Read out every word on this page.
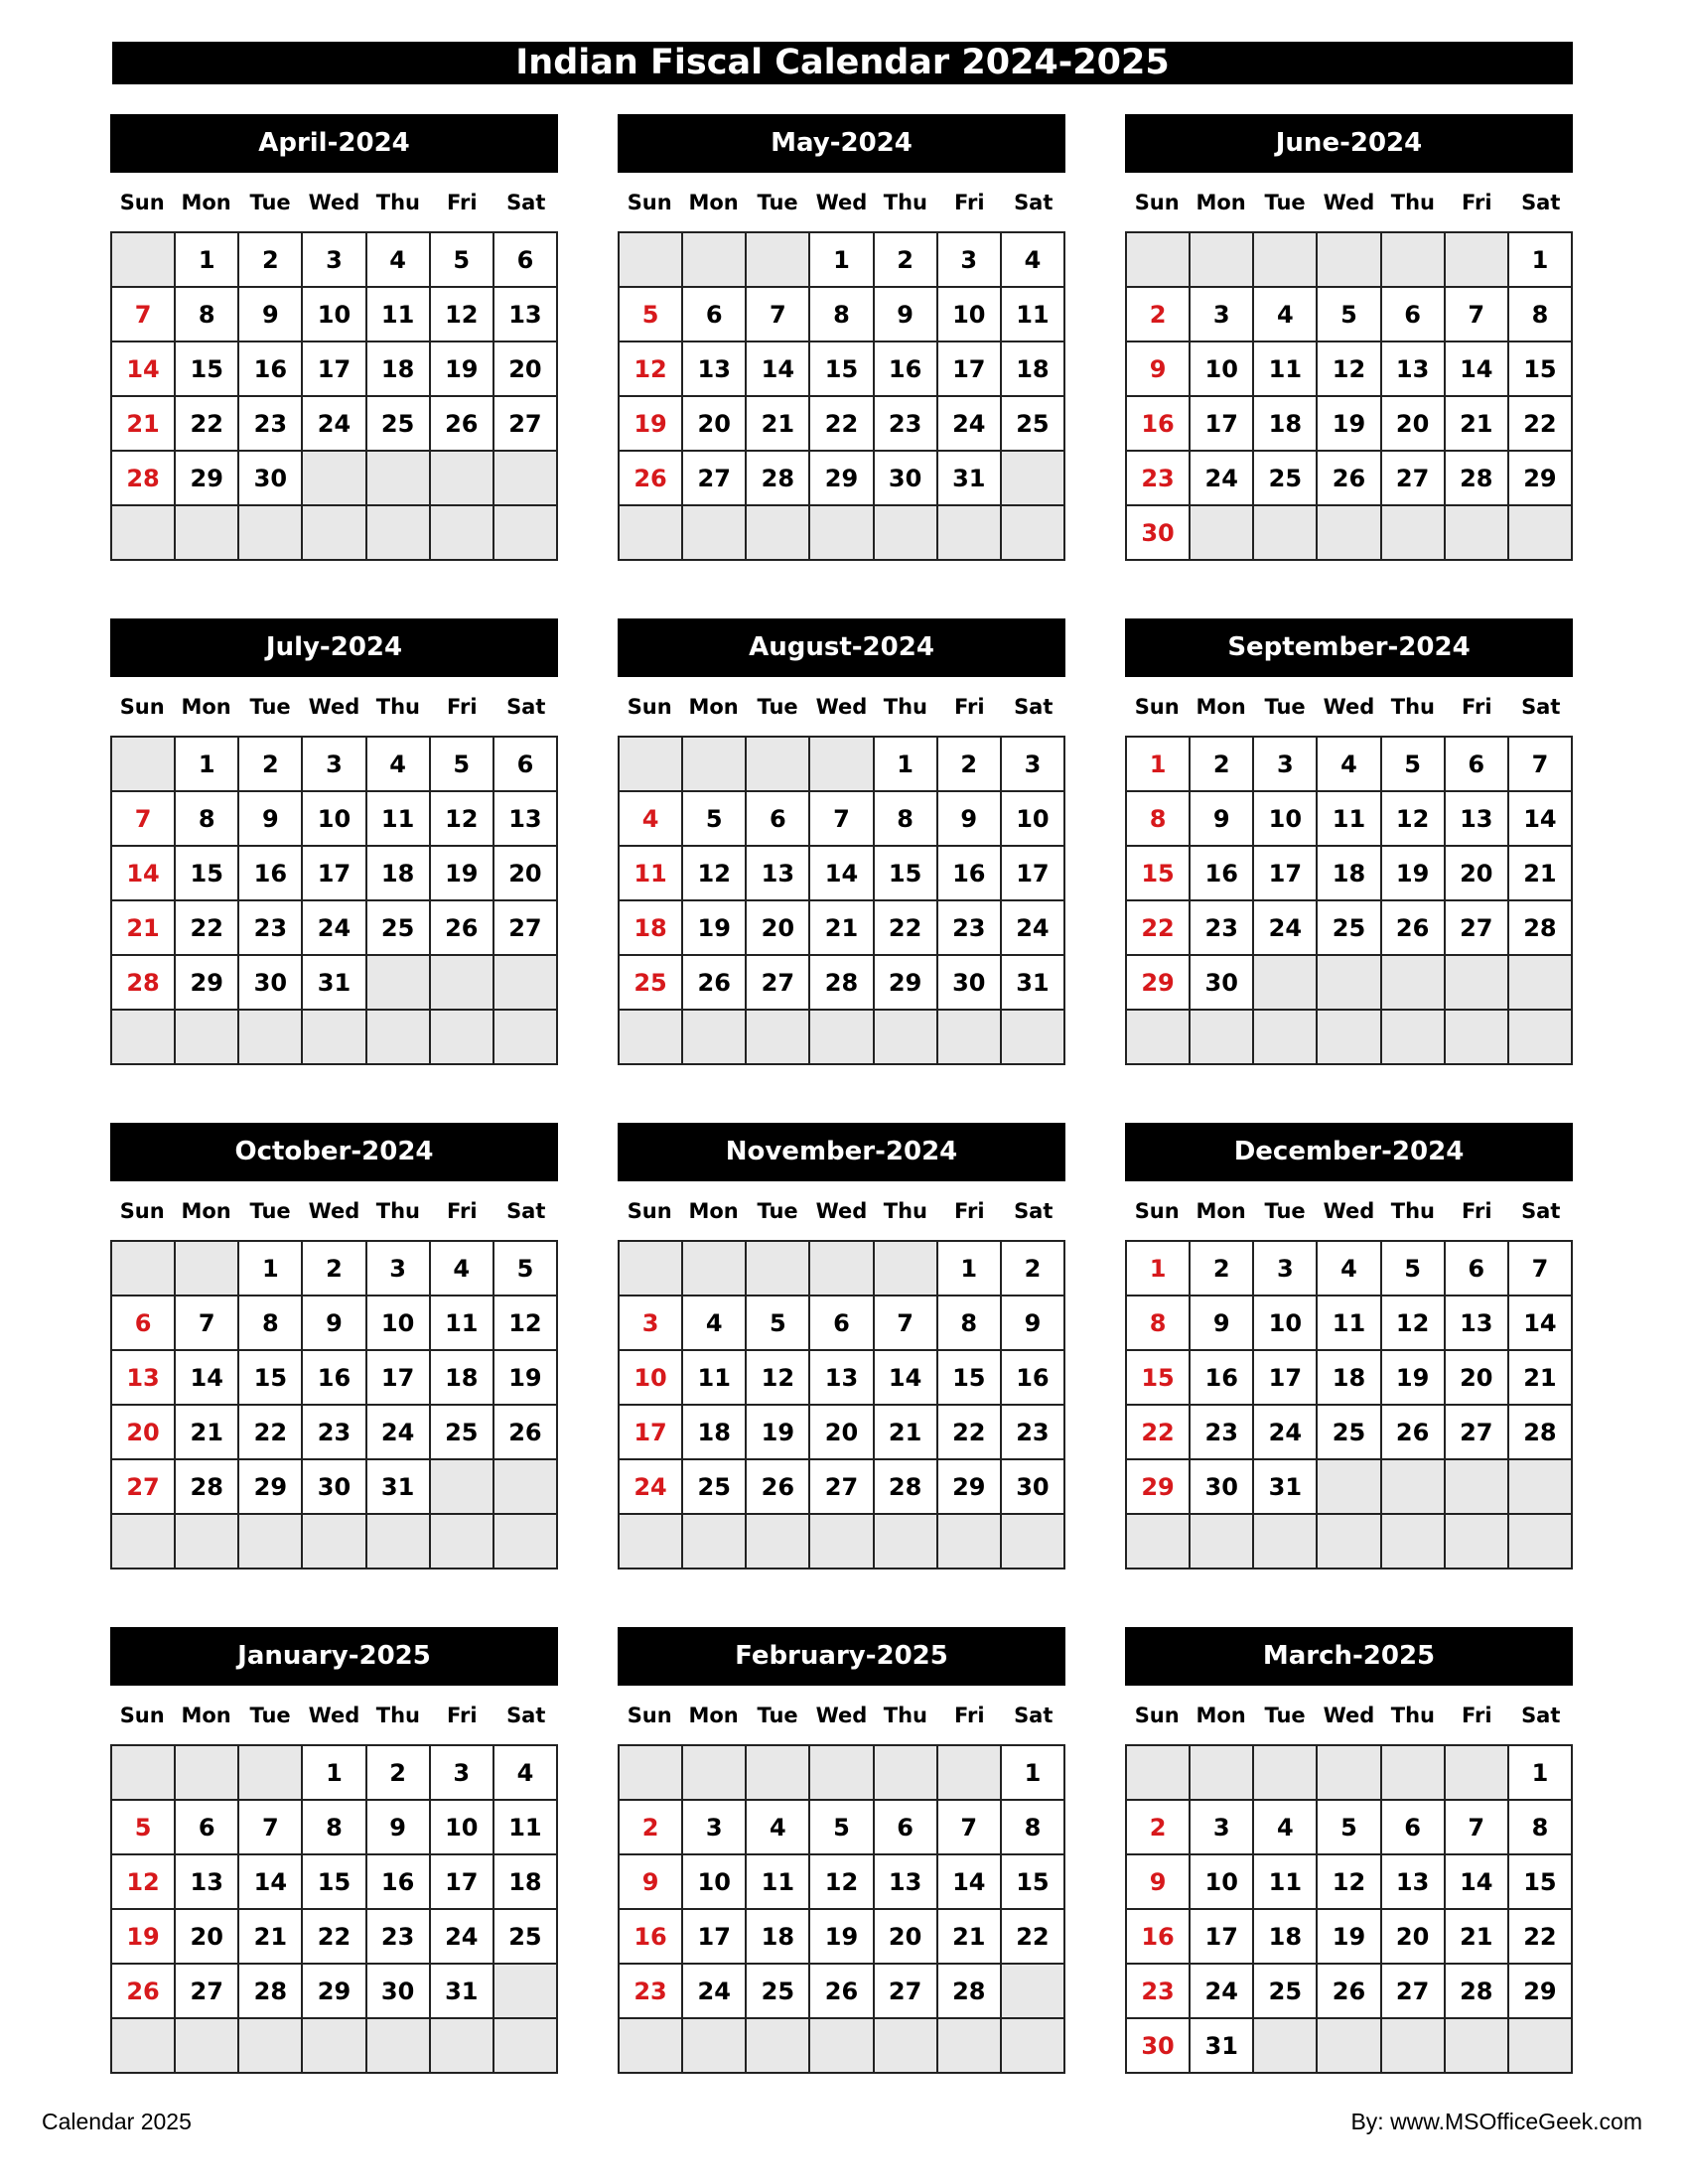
Indian Fiscal Calendar 2024-2025
April-2024
Sun Mon Tue Wed Thu	Fri	Sat
	1	2	3	4	5	6
7	8	9	10	11	12	13
14	15	16	17	18	19	20
21	22	23	24	25	26	27
28	29	30				

May-2024
Sun Mon Tue Wed Thu	Fri	Sat
			1	2	3	4
5	6	7	8	9	10	11
12	13	14	15	16	17	18
19	20	21	22	23	24	25
26	27	28	29	30	31	

June-2024
Sun Mon Tue Wed Thu	Fri	Sat
						1
2	3	4	5	6	7	8
9	10	11	12	13	14	15
16	17	18	19	20	21	22
23	24	25	26	27	28	29
30						
July-2024
Sun Mon Tue Wed Thu	Fri	Sat
	1	2	3	4	5	6
7	8	9	10	11	12	13
14	15	16	17	18	19	20
21	22	23	24	25	26	27
28	29	30	31			

August-2024
Sun Mon Tue Wed Thu	Fri	Sat
				1	2	3
4	5	6	7	8	9	10
11	12	13	14	15	16	17
18	19	20	21	22	23	24
25	26	27	28	29	30	31

September-2024
Sun Mon Tue Wed Thu	Fri	Sat
1	2	3	4	5	6	7
8	9	10	11	12	13	14
15	16	17	18	19	20	21
22	23	24	25	26	27	28
29	30					

October-2024
Sun Mon Tue Wed Thu	Fri	Sat
		1	2	3	4	5
6	7	8	9	10	11	12
13	14	15	16	17	18	19
20	21	22	23	24	25	26
27	28	29	30	31		

November-2024
Sun Mon Tue Wed Thu	Fri	Sat
					1	2
3	4	5	6	7	8	9
10	11	12	13	14	15	16
17	18	19	20	21	22	23
24	25	26	27	28	29	30

December-2024
Sun Mon Tue Wed Thu	Fri	Sat
1	2	3	4	5	6	7
8	9	10	11	12	13	14
15	16	17	18	19	20	21
22	23	24	25	26	27	28
29	30	31				

January-2025
Sun Mon Tue Wed Thu	Fri	Sat
			1	2	3	4
5	6	7	8	9	10	11
12	13	14	15	16	17	18
19	20	21	22	23	24	25
26	27	28	29	30	31	

February-2025
Sun Mon Tue Wed Thu	Fri	Sat
						1
2	3	4	5	6	7	8
9	10	11	12	13	14	15
16	17	18	19	20	21	22
23	24	25	26	27	28	

March-2025
Sun Mon Tue Wed Thu	Fri	Sat
						1
2	3	4	5	6	7	8
9	10	11	12	13	14	15
16	17	18	19	20	21	22
23	24	25	26	27	28	29
30	31					
Calendar 2025	By: www.MSOfficeGeek.com
